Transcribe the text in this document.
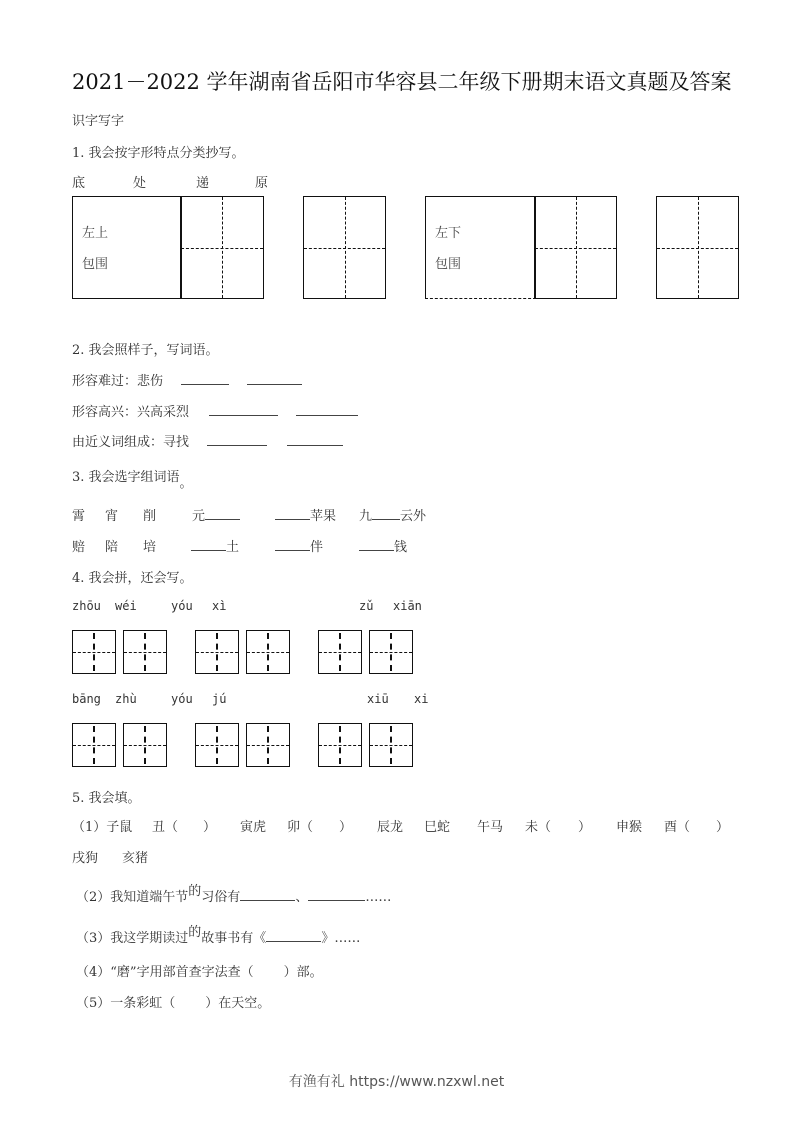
2021－2022 学年湖南省岳阳市华容县二年级下册期末语文真题及答案
识字写字
1. 我会按字形特点分类抄写。
底	处	递	原
左上
包围
左下
包围
2. 我会照样子，写词语。
形容难过：悲伤
形容高兴：兴高采烈
由近义词组成：寻找
3. 我会选字组词语。
霄 宵 削	元	苹果 九 云外
赔 陪 培	土	伴	钱
4. 我会拼，还会写。
zhōu wéi	yóu xì	zǔ xiān
bāng zhù	yóu jú	xiū xi
5. 我会填。
（1）子鼠 丑（ ） 寅虎 卯（ ） 辰龙 巳蛇 午马 未（ ） 申猴 酉（ ）
戌狗 亥猪
（2）我知道端午节的习俗有	、	……
（3）我这学期读过的故事书有《	》……
（4）“磨”字用部首查字法查（ ）部。
（5）一条彩虹（ ）在天空。
有渔有礼 https://www.nzxwl.net
